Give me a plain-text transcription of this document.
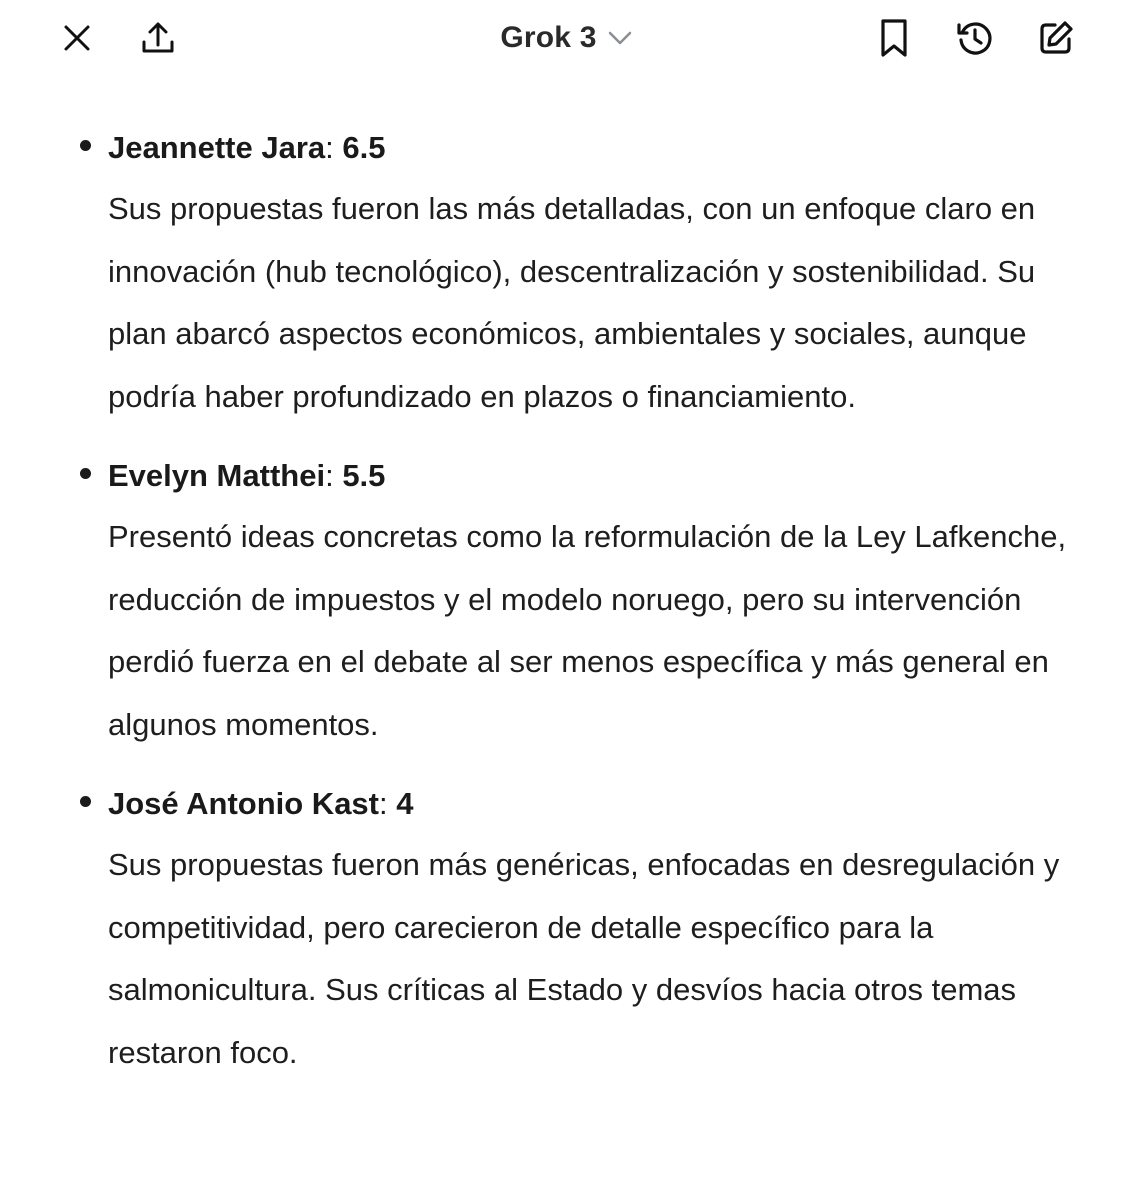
Grok 3
Jeannette Jara: 6.5
Sus propuestas fueron las más detalladas, con un enfoque claro en innovación (hub tecnológico), descentralización y sostenibilidad. Su plan abarcó aspectos económicos, ambientales y sociales, aunque podría haber profundizado en plazos o financiamiento.
Evelyn Matthei: 5.5
Presentó ideas concretas como la reformulación de la Ley Lafkenche, reducción de impuestos y el modelo noruego, pero su intervención perdió fuerza en el debate al ser menos específica y más general en algunos momentos.
José Antonio Kast: 4
Sus propuestas fueron más genéricas, enfocadas en desregulación y competitividad, pero carecieron de detalle específico para la salmonicultura. Sus críticas al Estado y desvíos hacia otros temas restaron foco.
